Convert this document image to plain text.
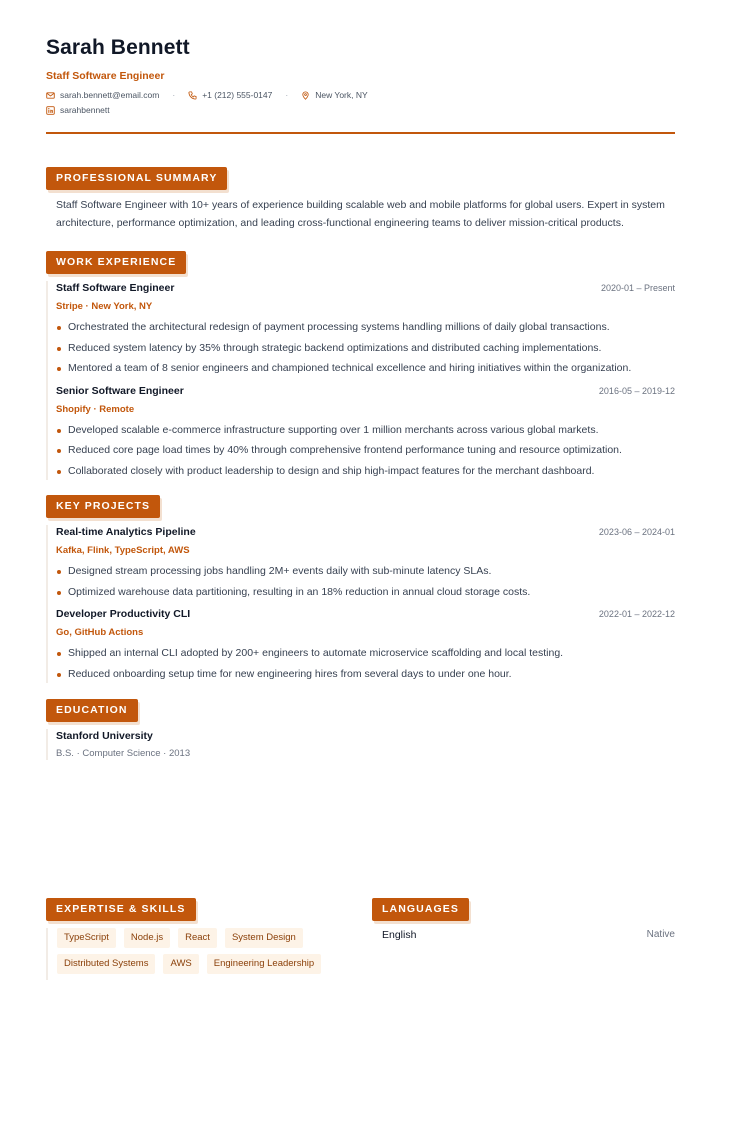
Sarah Bennett
Staff Software Engineer
sarah.bennett@email.com ·	+1 (212) 555-0147 ·	New York, NY
sarahbennett
PROFESSIONAL SUMMARY
Staff Software Engineer with 10+ years of experience building scalable web and mobile platforms for global users. Expert in system architecture, performance optimization, and leading cross-functional engineering teams to deliver mission-critical products.
WORK EXPERIENCE
Staff Software Engineer	2020-01 – Present
Stripe · New York, NY
Orchestrated the architectural redesign of payment processing systems handling millions of daily global transactions.
Reduced system latency by 35% through strategic backend optimizations and distributed caching implementations.
Mentored a team of 8 senior engineers and championed technical excellence and hiring initiatives within the organization.
Senior Software Engineer	2016-05 – 2019-12
Shopify · Remote
Developed scalable e-commerce infrastructure supporting over 1 million merchants across various global markets.
Reduced core page load times by 40% through comprehensive frontend performance tuning and resource optimization.
Collaborated closely with product leadership to design and ship high-impact features for the merchant dashboard.
KEY PROJECTS
Real-time Analytics Pipeline	2023-06 – 2024-01
Kafka, Flink, TypeScript, AWS
Designed stream processing jobs handling 2M+ events daily with sub-minute latency SLAs.
Optimized warehouse data partitioning, resulting in an 18% reduction in annual cloud storage costs.
Developer Productivity CLI	2022-01 – 2022-12
Go, GitHub Actions
Shipped an internal CLI adopted by 200+ engineers to automate microservice scaffolding and local testing.
Reduced onboarding setup time for new engineering hires from several days to under one hour.
EDUCATION
Stanford University
B.S. · Computer Science · 2013
EXPERTISE & SKILLS
TypeScript	Node.js	React	System Design
Distributed Systems	AWS	Engineering Leadership
LANGUAGES
English	Native
